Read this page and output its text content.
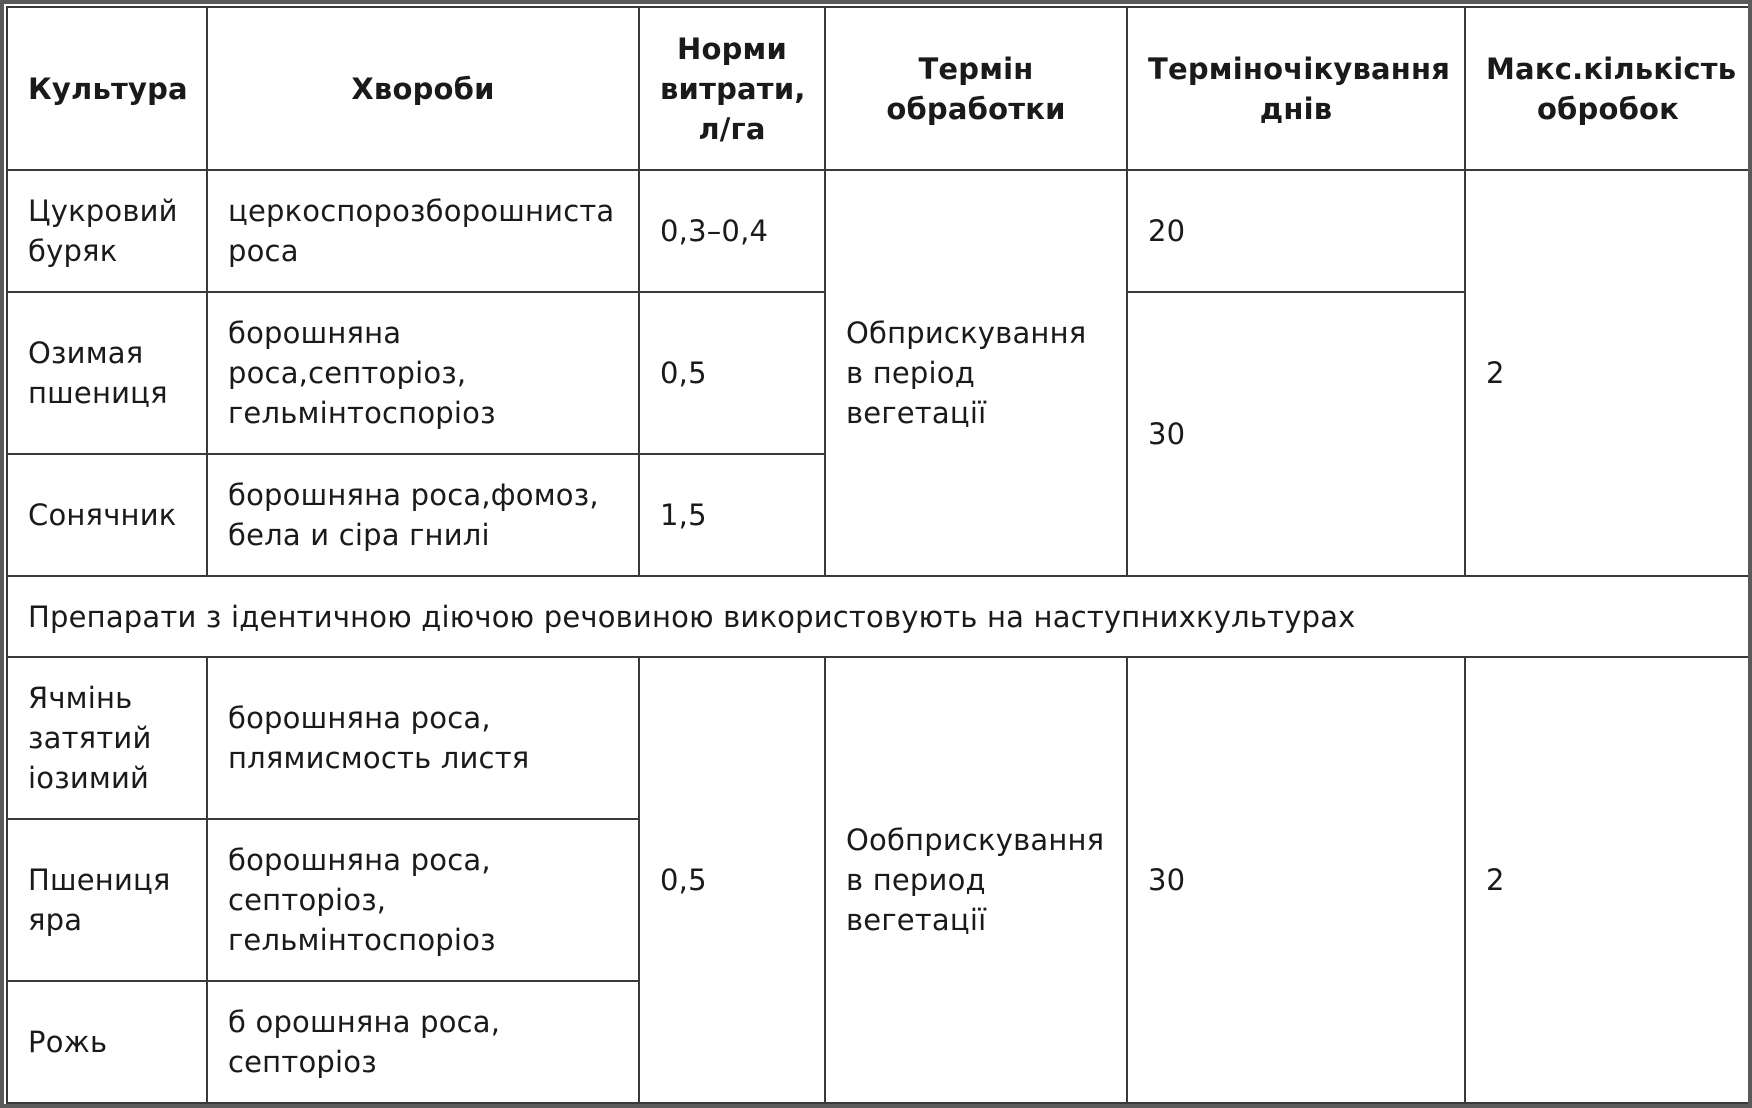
Культура	Хвороби	Норми витрати, л/га	Термін обработки	Терміночікування днів	Макс.кількість обробок
Цукровий буряк	церкоспорозборошниста роса	0,3–0,4	Обприскування в період вегетації	20	2
Озимая пшениця	борошняна роса,септоріоз, гельмінтоспоріоз	0,5		30	
Сонячник	борошняна роса,фомоз, бела и сіра гнилі	1,5			
Препарати з ідентичною діючою речовиною використовують на наступнихкультурах					
Ячмінь затятий іозимий	борошняна роса, плямисмость листя	0,5	Ообприскування в период вегетації	30	2
Пшениця яра	борошняна роса, септоріоз, гельмінтоспоріоз				
Рожь	б орошняна роса, септоріоз				
